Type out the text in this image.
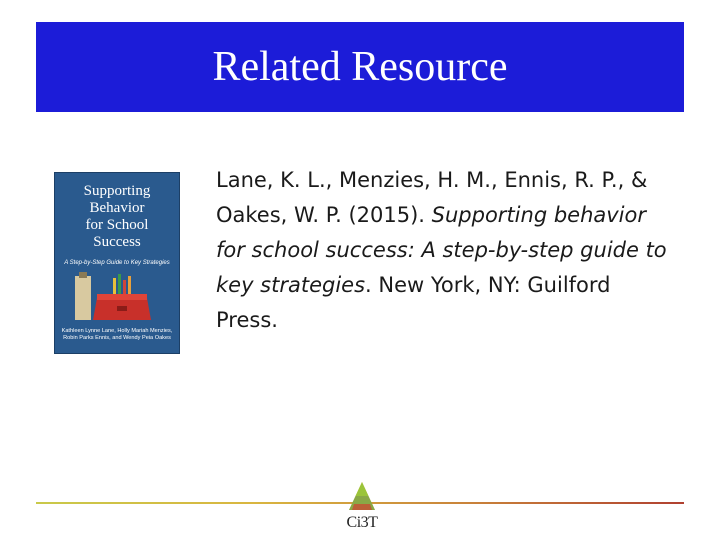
Related Resource
Supporting
Behavior
for School
Success
A Step-by-Step Guide to Key Strategies
Kathleen Lynne Lane, Holly Mariah Menzies,
Robin Parks Ennis, and Wendy Peia Oakes

Lane, K. L., Menzies, H. M., Ennis, R. P., & Oakes, W. P. (2015). Supporting behavior for school success: A step-by-step guide to key strategies. New York, NY: Guilford Press.

Ci3T
